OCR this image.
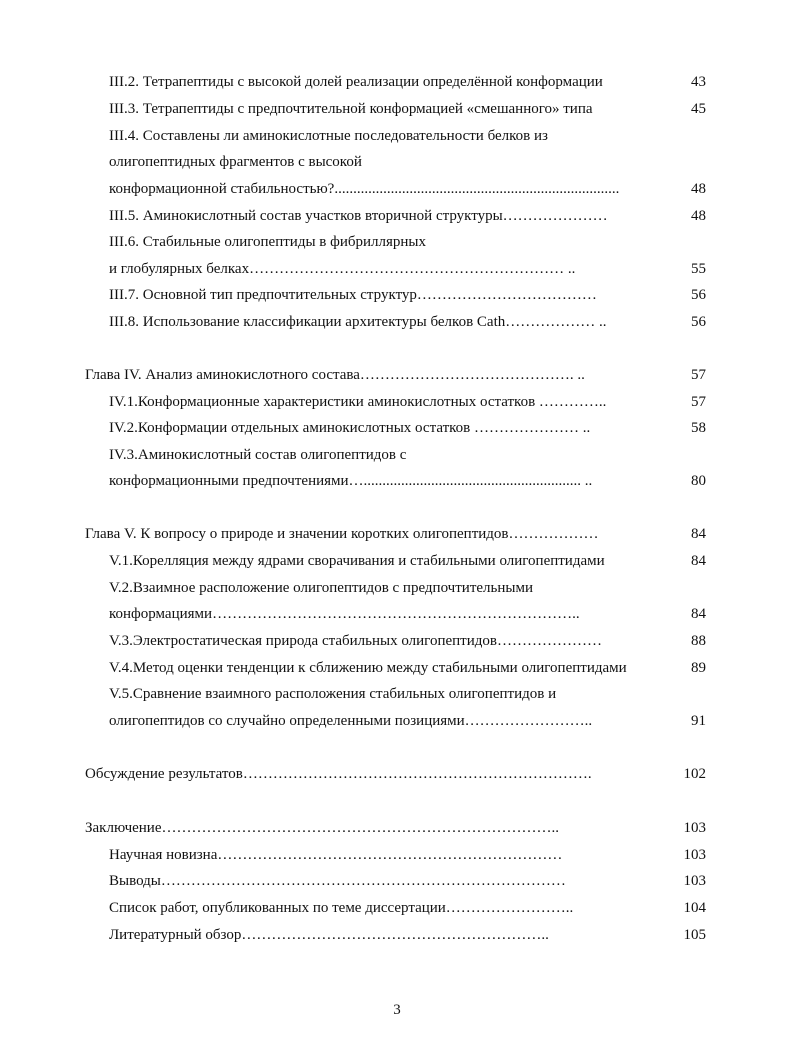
III.2. Тетрапептиды с высокой долей реализации определённой конформации	43
III.3. Тетрапептиды с предпочтительной конформацией «смешанного» типа	45
III.4. Составлены ли аминокислотные последовательности белков из
олигопептидных фрагментов с высокой
конформационной стабильностью?............................................................................	48
III.5. Аминокислотный состав участков вторичной структуры…………………	48
III.6. Стабильные олигопептиды в фибриллярных
и глобулярных белках……………………………………………………… ..	55
III.7. Основной тип предпочтительных структур………………………………	56
III.8. Использование классификации архитектуры белков Cath……………… ..	56
Глава IV. Анализ аминокислотного состава……………………………………. ..	57
IV.1.Конформационные характеристики аминокислотных остатков …………..	57
IV.2.Конформации отдельных аминокислотных остатков ………………… ..	58
IV.3.Аминокислотный состав олигопептидов с
конформационными предпочтениями….......................................................... ..	80
Глава V. К вопросу о природе и значении коротких олигопептидов………………	84
V.1.Корелляция между ядрами сворачивания и стабильными олигопептидами	84
V.2.Взаимное расположение олигопептидов с предпочтительными
конформациями………………………………………………………………..	84
V.3.Электростатическая природа стабильных олигопептидов…………………	88
V.4.Метод оценки тенденции к сближению между стабильными олигопептидами	89
V.5.Сравнение взаимного расположения стабильных олигопептидов и
олигопептидов со случайно определенными позициями……………………..	91
Обсуждение результатов…………………………………………………………….	102
Заключение……………………………………………………………………..	103
Научная новизна……………………………………………………………	103
Выводы………………………………………………………………………	103
Список работ, опубликованных по теме диссертации……………………..	104
Литературный обзор……………………………………………………..	105
3
